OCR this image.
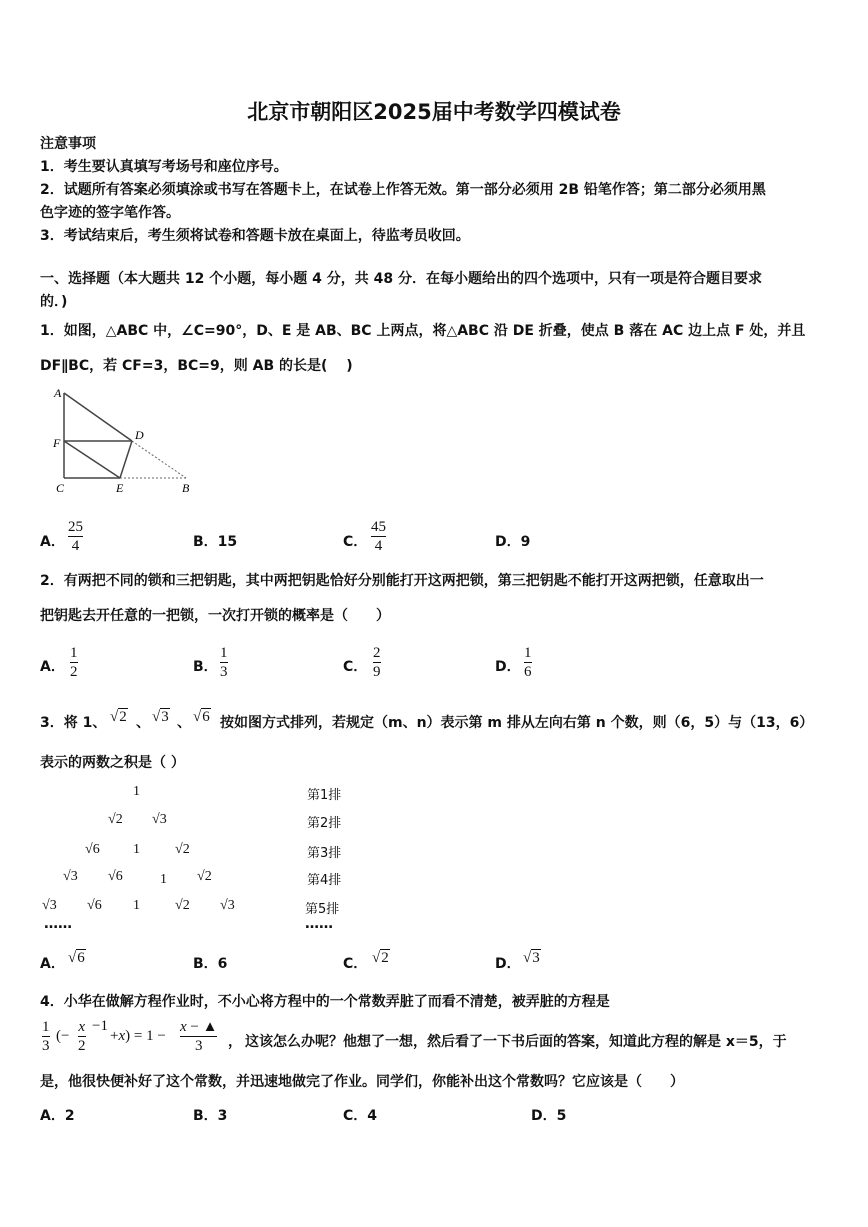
北京市朝阳区2025届中考数学四模试卷
注意事项
1．考生要认真填写考场号和座位序号。
2．试题所有答案必须填涂或书写在答题卡上，在试卷上作答无效。第一部分必须用 2B 铅笔作答；第二部分必须用黑
色字迹的签字笔作答。
3．考试结束后，考生须将试卷和答题卡放在桌面上，待监考员收回。
一、选择题（本大题共 12 个小题，每小题 4 分，共 48 分．在每小题给出的四个选项中，只有一项是符合题目要求
的．)
1．如图，△ABC 中，∠C=90°，D、E 是 AB、BC 上两点，将△ABC 沿 DE 折叠，使点 B 落在 AC 边上点 F 处，并且
DF∥BC，若 CF=3，BC=9，则 AB 的长是(　 )
A
F
D
C	E	B
A．
25
4	B．15	C．
45
4	D．9
2．有两把不同的锁和三把钥匙，其中两把钥匙恰好分别能打开这两把锁，第三把钥匙不能打开这两把锁，任意取出一
把钥匙去开任意的一把锁，一次打开锁的概率是（　　）
A．
1
2	B．
1
3	C．
2
9	D．
1
6
3．将 1、 √2 、 √3 、 √6 按如图方式排列，若规定（m、n）表示第 m 排从左向右第 n 个数，则（6，5）与（13，6）
表示的两数之积是（ ）
1	第1排
√2 √3	第2排
√6 1	√2	第3排
√3 √6	1 √2	第4排
√3 √6 1	√2 √3	第5排
……	……
A． √6	B．6	C． √2	D． √3
4．小华在做解方程作业时，不小心将方程中的一个常数弄脏了而看不清楚，被弄脏的方程是
1
3
(−
x
2
−1
+x) = 1 −
x − ▲
3 ， 这该怎么办呢？他想了一想，然后看了一下书后面的答案，知道此方程的解是 x＝5，于
是，他很快便补好了这个常数，并迅速地做完了作业。同学们，你能补出这个常数吗？它应该是（　　）
A．2	B．3	C．4	D．5
